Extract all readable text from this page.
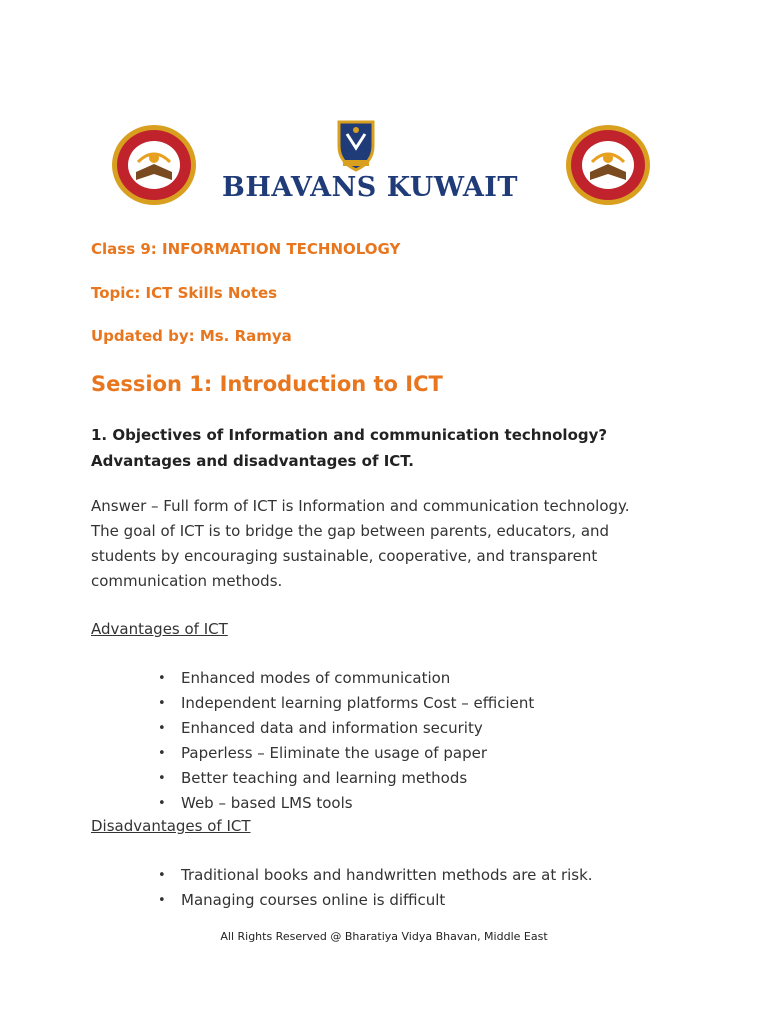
BHAVANS KUWAIT
Class 9: INFORMATION TECHNOLOGY
Topic: ICT Skills Notes
Updated by: Ms. Ramya
Session 1: Introduction to ICT
1. Objectives of Information and communication technology?
Advantages and disadvantages of ICT.
Answer – Full form of ICT is Information and communication technology.
The goal of ICT is to bridge the gap between parents, educators, and
students by encouraging sustainable, cooperative, and transparent
communication methods.
Advantages of ICT
• Enhanced modes of communication
• Independent learning platforms Cost – efficient
• Enhanced data and information security
• Paperless – Eliminate the usage of paper
• Better teaching and learning methods
• Web – based LMS tools
Disadvantages of ICT
• Traditional books and handwritten methods are at risk.
• Managing courses online is difficult
All Rights Reserved @ Bharatiya Vidya Bhavan, Middle East
